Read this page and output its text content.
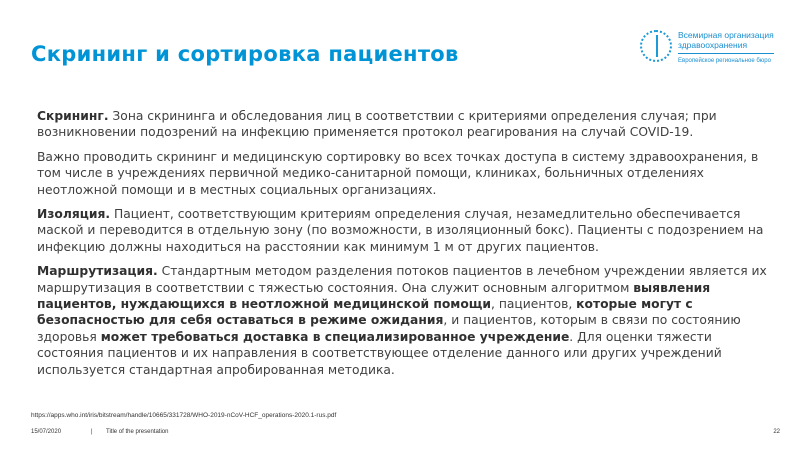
Скрининг и сортировка пациентов
Всемирная организация
здравоохранения
Европейское региональное бюро

Скрининг. Зона скрининга и обследования лиц в соответствии с критериями определения случая; при возникновении подозрений на инфекцию применяется протокол реагирования на случай COVID-19.

Важно проводить скрининг и медицинскую сортировку во всех точках доступа в систему здравоохранения, в том числе в учреждениях первичной медико-санитарной помощи, клиниках, больничных отделениях неотложной помощи и в местных социальных организациях.

Изоляция. Пациент, соответствующим критериям определения случая, незамедлительно обеспечивается маской и переводится в отдельную зону (по возможности, в изоляционный бокс). Пациенты с подозрением на инфекцию должны находиться на расстоянии как минимум 1 м от других пациентов.

Маршрутизация. Стандартным методом разделения потоков пациентов в лечебном учреждении является их маршрутизация в соответствии с тяжестью состояния. Она служит основным алгоритмом выявления пациентов, нуждающихся в неотложной медицинской помощи, пациентов, которые могут с безопасностью для себя оставаться в режиме ожидания, и пациентов, которым в связи по состоянию здоровья может требоваться доставка в специализированное учреждение. Для оценки тяжести состояния пациентов и их направления в соответствующее отделение данного или других учреждений используется стандартная апробированная методика.

https://apps.who.int/iris/bitstream/handle/10665/331728/WHO-2019-nCoV-HCF_operations-2020.1-rus.pdf
15/07/2020	| Title of the presentation	22
